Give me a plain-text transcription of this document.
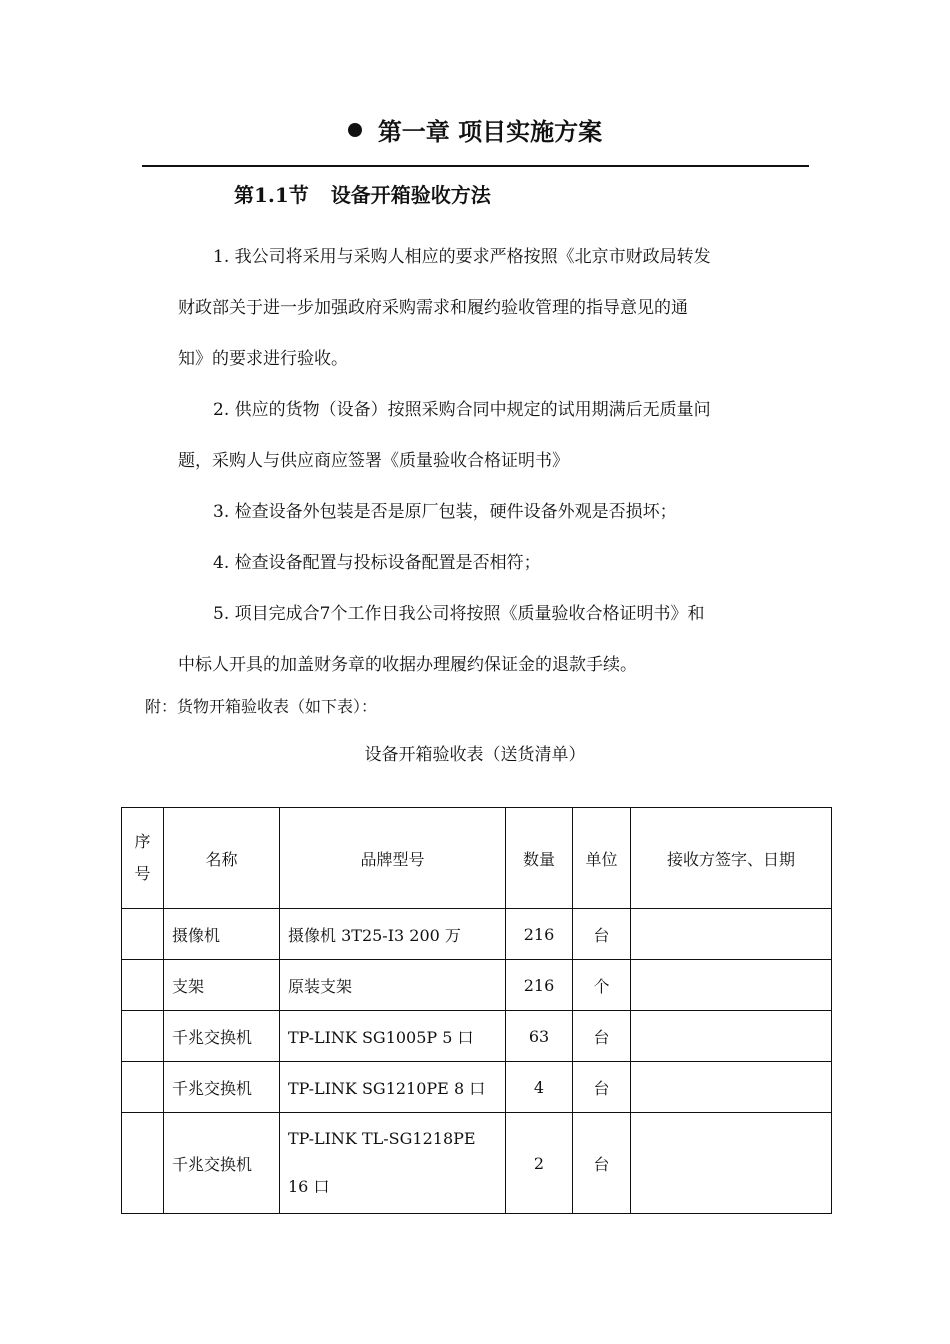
第一章 项目实施方案
第1.1节 设备开箱验收方法

1. 我公司将采用与采购人相应的要求严格按照《北京市财政局转发
财政部关于进一步加强政府采购需求和履约验收管理的指导意见的通
知》的要求进行验收。

2. 供应的货物（设备）按照采购合同中规定的试用期满后无质量问
题，采购人与供应商应签署《质量验收合格证明书》

3. 检查设备外包装是否是原厂包装，硬件设备外观是否损坏；

4. 检查设备配置与投标设备配置是否相符；

5. 项目完成合7个工作日我公司将按照《质量验收合格证明书》和
中标人开具的加盖财务章的收据办理履约保证金的退款手续。

附：货物开箱验收表（如下表）：
设备开箱验收表（送货清单）
序
号	名称	品牌型号	数量	单位	接收方签字、日期
	摄像机	摄像机 3T25-I3 200 万	216	台	
	支架	原装支架	216	个	
	千兆交换机	TP-LINK SG1005P 5 口	63	台	
	千兆交换机	TP-LINK SG1210PE 8 口	4	台	
	千兆交换机	TP-LINK TL-SG1218PE
16 口	2	台	
